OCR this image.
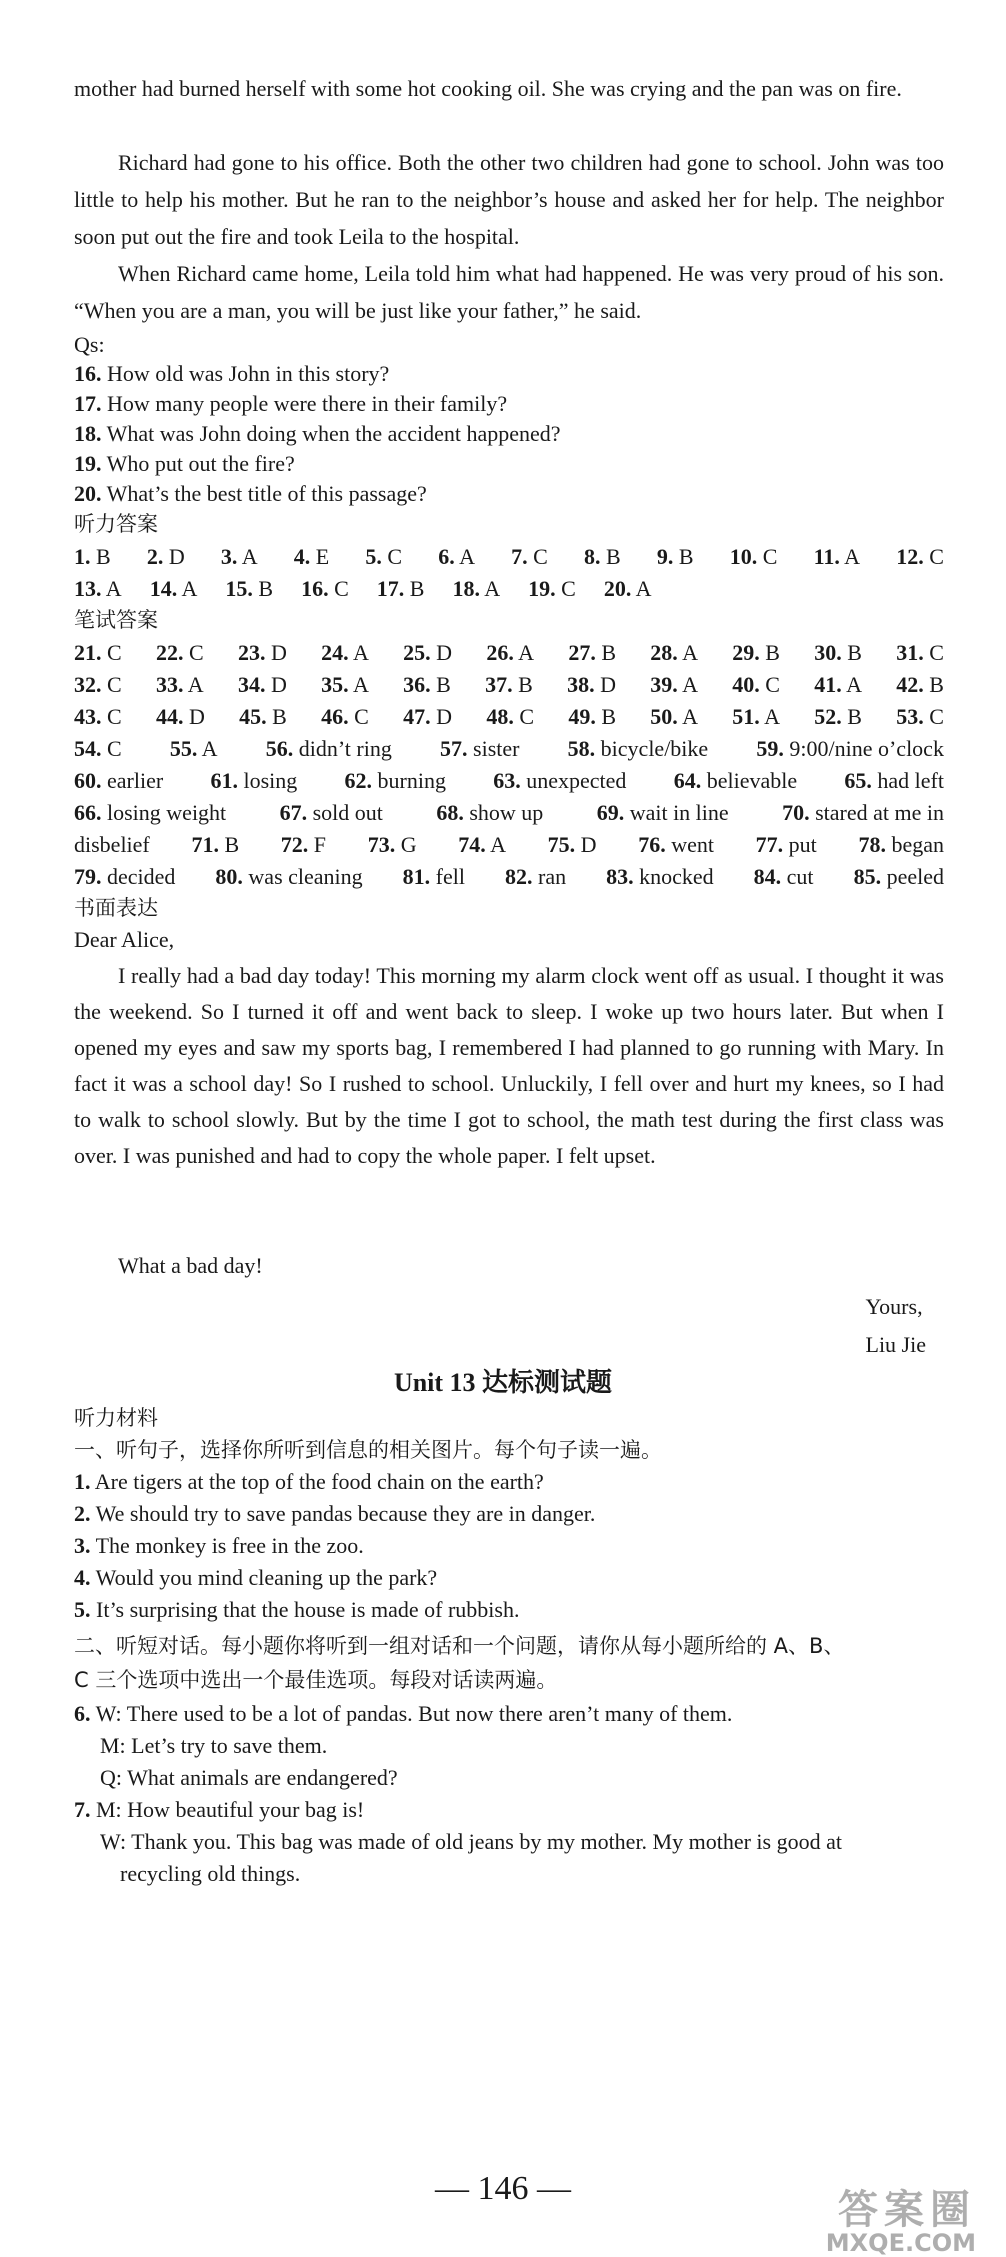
mother had burned herself with some hot cooking oil. She was crying and the pan was on fire.
Richard had gone to his office. Both the other two children had gone to school. John was too little to help his mother. But he ran to the neighbor’s house and asked her for help. The neighbor soon put out the fire and took Leila to the hospital.
When Richard came home, Leila told him what had happened. He was very proud of his son. “When you are a man, you will be just like your father,” he said.
Qs:
16. How old was John in this story?
17. How many people were there in their family?
18. What was John doing when the accident happened?
19. Who put out the fire?
20. What’s the best title of this passage?
听力答案
1. B 2. D 3. A 4. E 5. C 6. A 7. C 8. B 9. B 10. C 11. A 12. C
13. A 14. A 15. B 16. C 17. B 18. A 19. C 20. A
笔试答案
21. C 22. C 23. D 24. A 25. D 26. A 27. B 28. A 29. B 30. B 31. C
32. C 33. A 34. D 35. A 36. B 37. B 38. D 39. A 40. C 41. A 42. B
43. C 44. D 45. B 46. C 47. D 48. C 49. B 50. A 51. A 52. B 53. C
54. C 55. A 56. didn’t ring 57. sister 58. bicycle/bike 59. 9:00/nine o’clock
60. earlier 61. losing 62. burning 63. unexpected 64. believable 65. had left
66. losing weight 67. sold out 68. show up 69. wait in line 70. stared at me in
disbelief 71. B 72. F 73. G 74. A 75. D 76. went 77. put 78. began
79. decided 80. was cleaning 81. fell 82. ran 83. knocked 84. cut 85. peeled
书面表达
Dear Alice,
I really had a bad day today! This morning my alarm clock went off as usual. I thought it was the weekend. So I turned it off and went back to sleep. I woke up two hours later. But when I opened my eyes and saw my sports bag, I remembered I had planned to go running with Mary. In fact it was a school day! So I rushed to school. Unluckily, I fell over and hurt my knees, so I had to walk to school slowly. But by the time I got to school, the math test during the first class was over. I was punished and had to copy the whole paper. I felt upset.
What a bad day!
Yours,
Liu Jie
Unit 13 达标测试题
听力材料
一、听句子，选择你所听到信息的相关图片。每个句子读一遍。
1. Are tigers at the top of the food chain on the earth?
2. We should try to save pandas because they are in danger.
3. The monkey is free in the zoo.
4. Would you mind cleaning up the park?
5. It’s surprising that the house is made of rubbish.
二、听短对话。每小题你将听到一组对话和一个问题，请你从每小题所给的 A、B、
C 三个选项中选出一个最佳选项。每段对话读两遍。
6. W: There used to be a lot of pandas. But now there aren’t many of them.
M: Let’s try to save them.
Q: What animals are endangered?
7. M: How beautiful your bag is!
W: Thank you. This bag was made of old jeans by my mother. My mother is good at
recycling old things.
— 146 —	答案圈
MXQE.COM
